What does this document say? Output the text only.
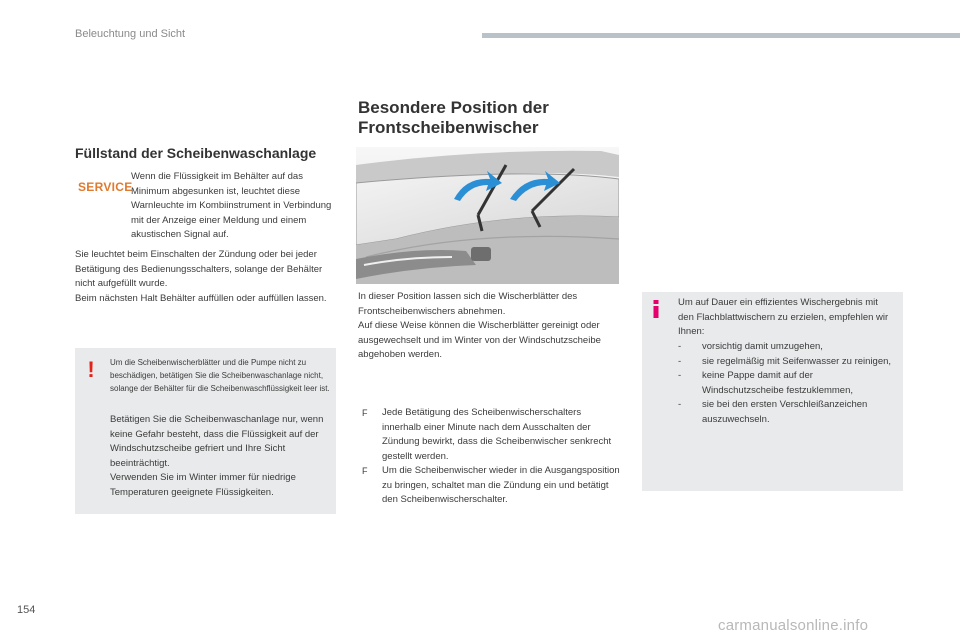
Beleuchtung und Sicht
Füllstand der Scheibenwaschanlage
SERVICE
Wenn die Flüssigkeit im Behälter auf das Minimum abgesunken ist, leuchtet diese Warnleuchte im Kombiinstrument in Verbindung mit der Anzeige einer Meldung und einem akustischen Signal auf.
Sie leuchtet beim Einschalten der Zündung oder bei jeder Betätigung des Bedienungsschalters, solange der Behälter nicht aufgefüllt wurde.
Beim nächsten Halt Behälter auffüllen oder auffüllen lassen.
!	Um die Scheibenwischerblätter und die Pumpe nicht zu beschädigen, betätigen Sie die Scheibenwaschanlage nicht, solange der Behälter für die Scheibenwaschflüssigkeit leer ist.
Betätigen Sie die Scheibenwaschanlage nur, wenn keine Gefahr besteht, dass die Flüssigkeit auf der Windschutzscheibe gefriert und Ihre Sicht beeinträchtigt.
Verwenden Sie im Winter immer für niedrige Temperaturen geeignete Flüssigkeiten.
Besondere Position der
Frontscheibenwischer
In dieser Position lassen sich die Wischerblätter des Frontscheibenwischers abnehmen.
Auf diese Weise können die Wischerblätter gereinigt oder ausgewechselt und im Winter von der Windschutzscheibe abgehoben werden.
F Jede Betätigung des Scheibenwischerschalters innerhalb einer Minute nach dem Ausschalten der Zündung bewirkt, dass die Scheibenwischer senkrecht gestellt werden.
F Um die Scheibenwischer wieder in die Ausgangsposition zu bringen, schaltet man die Zündung ein und betätigt den Scheibenwischerschalter.
Um auf Dauer ein effizientes Wischergebnis mit den Flachblattwischern zu erzielen, empfehlen wir Ihnen:
- vorsichtig damit umzugehen,
- sie regelmäßig mit Seifenwasser zu reinigen,
- keine Pappe damit auf der Windschutzscheibe festzuklemmen,
- sie bei den ersten Verschleißanzeichen auszuwechseln.
154
carmanualsonline.info
